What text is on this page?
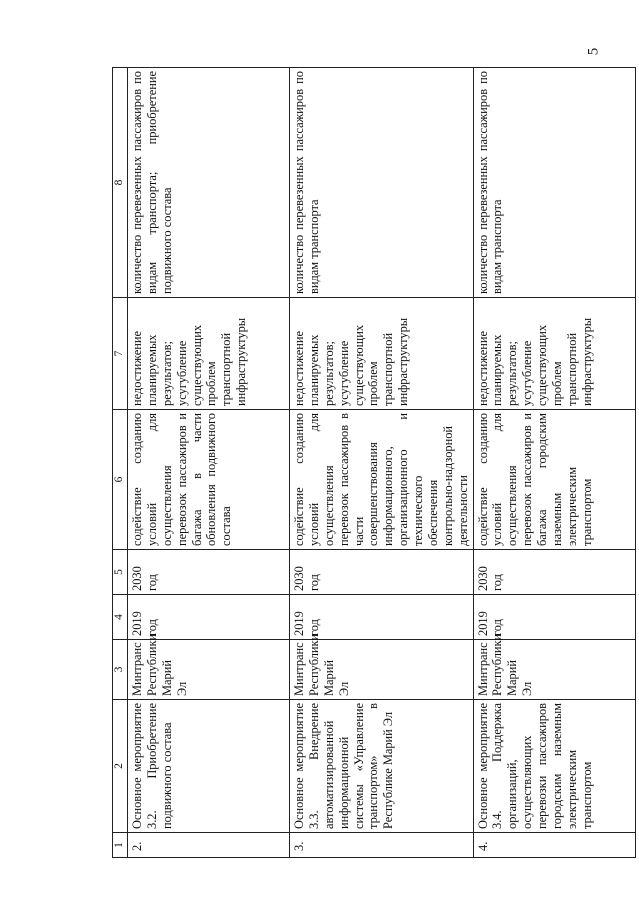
5
1	2	3	4	5	6	7	8
2.	Основное мероприятие 3.2. Приобретение подвижного состава	Минтранс Республики Марий Эл	2019 год	2030 год	содействие созданию условий для осуществления перевозок пассажиров и багажа в части обновления подвижного состава	недостижение планируемых результатов; усугубление существующих проблем транспортной инфраструктуры	количество перевезенных пассажиров по видам транспорта; приобретение подвижного состава
3.	Основное мероприятие 3.3. Внедрение автоматизированной информационной системы «Управление транспортом» в Республике Марий Эл	Минтранс Республики Марий Эл	2019 год	2030 год	содействие созданию условий для осуществления перевозок пассажиров в части совершенствования информационного, организационного и технического обеспечения контрольно-надзорной деятельности	недостижение планируемых результатов; усугубление существующих проблем транспортной инфраструктуры	количество перевезенных пассажиров по видам транспорта
4.	Основное мероприятие 3.4. Поддержка организаций, осуществляющих перевозки пассажиров городским наземным электрическим транспортом	Минтранс Республики Марий Эл	2019 год	2030 год	содействие созданию условий для осуществления перевозок пассажиров и багажа городским наземным электрическим транспортом	недостижение планируемых результатов; усугубление существующих проблем транспортной инфраструктуры	количество перевезенных пассажиров по видам транспорта
